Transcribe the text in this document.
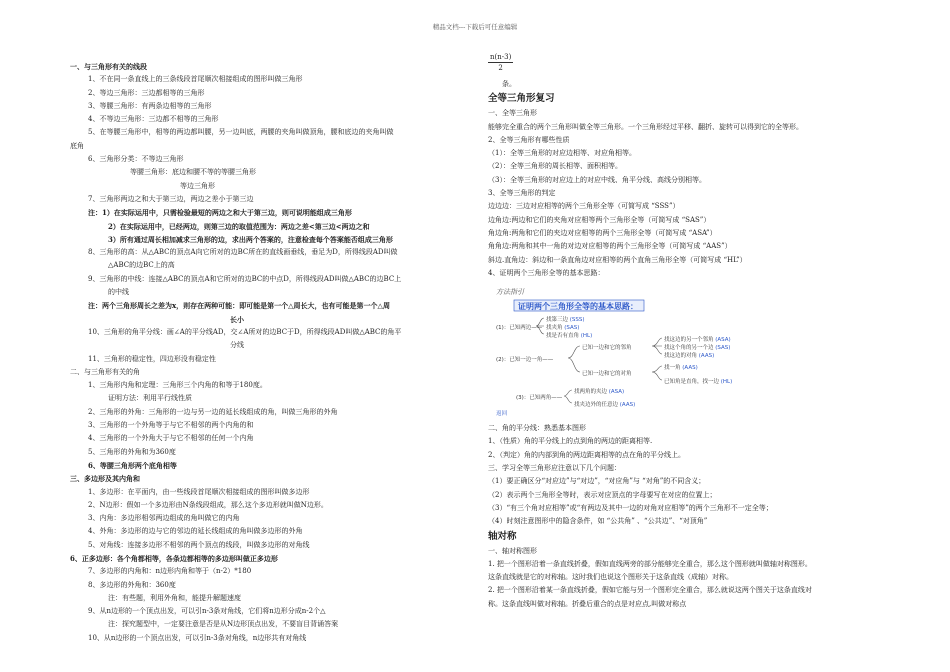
精品文档---下载后可任意编辑
一、与三角形有关的线段
1、不在同一条直线上的三条线段首尾顺次相接组成的图形叫做三角形
2、等边三角形：三边都相等的三角形
3、等腰三角形：有两条边相等的三角形
4、不等边三角形：三边都不相等的三角形
5、在等腰三角形中，相等的两边都叫腰，另一边叫底，两腰的夹角叫做顶角，腰和底边的夹角叫做
底角
6、三角形分类：不等边三角形
等腰三角形：底边和腰不等的等腰三角形
等边三角形
7、三角形两边之和大于第三边，两边之差小于第三边
注：1）在实际运用中，只需检验最短的两边之和大于第三边，则可说明能组成三角形
2）在实际运用中，已经两边，则第三边的取值范围为：两边之差<第三边<两边之和
3）所有通过周长相加减求三角形的边，求出两个答案的，注意检查每个答案能否组成三角形
8、三角形的高：从△ABC的顶点A向它所对的边BC所在的直线画垂线，垂足为D，所得线段AD叫做
△ABC的边BC上的高
9、三角形的中线：连接△ABC的顶点A和它所对的边BC的中点D，所得线段AD叫做△ABC的边BC上
的中线
注：两个三角形周长之差为x，则存在两种可能：即可能是第一个△周长大，也有可能是第一个△周
长小
10、三角形的角平分线：画∠A的平分线AD，交∠A所对的边BC于D，所得线段AD叫做△ABC的角平
分线
11、三角形的稳定性，四边形没有稳定性
二、与三角形有关的角
1、三角形内角和定理：三角形三个内角的和等于180度。
证明方法：利用平行线性质
2、三角形的外角：三角形的一边与另一边的延长线组成的角，叫做三角形的外角
3、三角形的一个外角等于与它不相邻的两个内角的和
4、三角形的一个外角大于与它不相邻的任何一个内角
5、三角形的外角和为360度
6、等腰三角形两个底角相等
三、多边形及其内角和
1、多边形：在平面内，由一些线段首尾顺次相接组成的图形叫做多边形
2、N边形：假如一个多边形由N条线段组成，那么这个多边形就叫做N边形。
3、内角：多边形相邻两边组成的角叫做它的内角
4、外角：多边形的边与它的邻边的延长线组成的角叫做多边形的外角
5、对角线：连接多边形不相邻的两个顶点的线段，叫做多边形的对角线
6、正多边形：各个角都相等，各条边都相等的多边形叫做正多边形
7、多边形的内角和：n边形内角和等于（n-2）*180
8、多边形的外角和：360度
注：有些题，利用外角和，能提升解题速度
9、从n边形的一个顶点出发，可以引n-3条对角线，它们将n边形分成n-2个△
注：探究题型中，一定要注意是否是从N边形顶点出发，不要盲目背诵答案
10、从n边形的一个顶点出发，可以引n-3条对角线，n边形共有对角线
$\frac{n(n-3)}{2}$
条。
全等三角形复习
一、全等三角形
能够完全重合的两个三角形叫做全等三角形。一个三角形经过平移、翻折、旋转可以得到它的全等形。
2、全等三角形有哪些性质
（1）：全等三角形的对应边相等、对应角相等。
（2）：全等三角形的周长相等、面积相等。
（3）：全等三角形的对应边上的对应中线、角平分线、高线分别相等。
3、全等三角形的判定
边边边：三边对应相等的两个三角形全等（可简写成 “SSS”）
边角边:两边和它们的夹角对应相等两个三角形全等（可简写成 “SAS”）
角边角:两角和它们的夹边对应相等的两个三角形全等（可简写成 “ASA”）
角角边:两角和其中一角的对边对应相等的两个三角形全等（可简写成 “AAS”）
斜边.直角边：斜边和一条直角边对应相等的两个直角三角形全等（可简写成 “HL”）
4、证明两个三角形全等的基本思路：
方法指引
证明两个三角形全等的基本思路：
(1)：已知两边——
找第三边 (SSS)
找夹角 (SAS)
找是否有直角 (HL)
(2)：已知一边一角——
已知一边和它的邻角
找这边的另一个邻角 (ASA)
找这个角的另一个边 (SAS)
找这边的对角 (AAS)
已知一边和它的对角
找一角 (AAS)
已知角是直角，找一边 (HL)
(3)：已知两角——
找两角的夹边 (ASA)
找夹边外的任意边 (AAS)
返回
二、角的平分线：熟悉基本图形
1、（性质）角的平分线上的点到角的两边的距离相等.
2、（判定）角的内部到角的两边距离相等的点在角的平分线上。
三、学习全等三角形应注意以下几个问题：
（1）要正确区分“对应边”与“对边”，“对应角”与 “对角”的不同含义；
（2）表示两个三角形全等时，表示对应顶点的字母要写在对应的位置上；
（3）“有三个角对应相等”或“有两边及其中一边的对角对应相等”的两个三角形不一定全等；
（4）时刻注意图形中的隐含条件，如 “公共角” 、“公共边”、“对顶角”
轴对称
一、轴对称图形
1. 把一个图形沿着一条直线折叠，假如直线两旁的部分能够完全重合，那么这个图形就叫做轴对称图形。
这条直线就是它的对称轴。这时我们也说这个图形关于这条直线（成轴）对称。
2. 把一个图形沿着某一条直线折叠，假如它能与另一个图形完全重合，那么就说这两个图关于这条直线对
称。这条直线叫做对称轴。折叠后重合的点是对应点,叫做对称点
